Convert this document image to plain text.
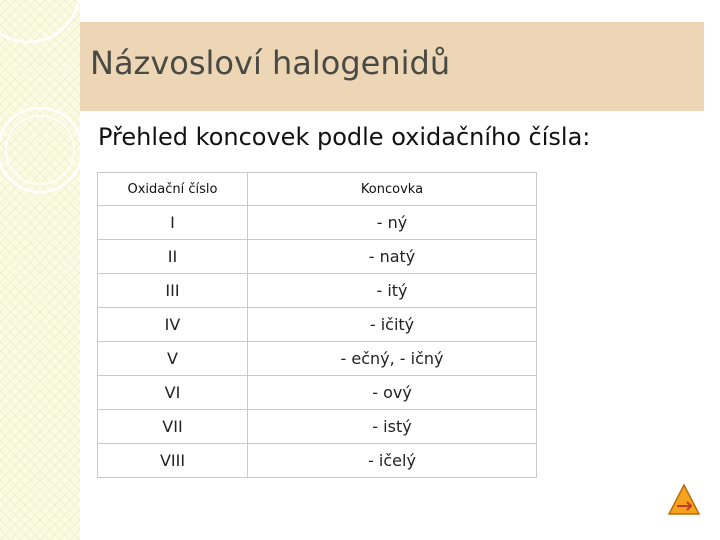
Názvosloví halogenidů
Přehled koncovek podle oxidačního čísla:
Oxidační číslo	Koncovka
I	- ný
II	- natý
III	- itý
IV	- ičitý
V	- ečný, - ičný
VI	- ový
VII	- istý
VIII	- ičelý
